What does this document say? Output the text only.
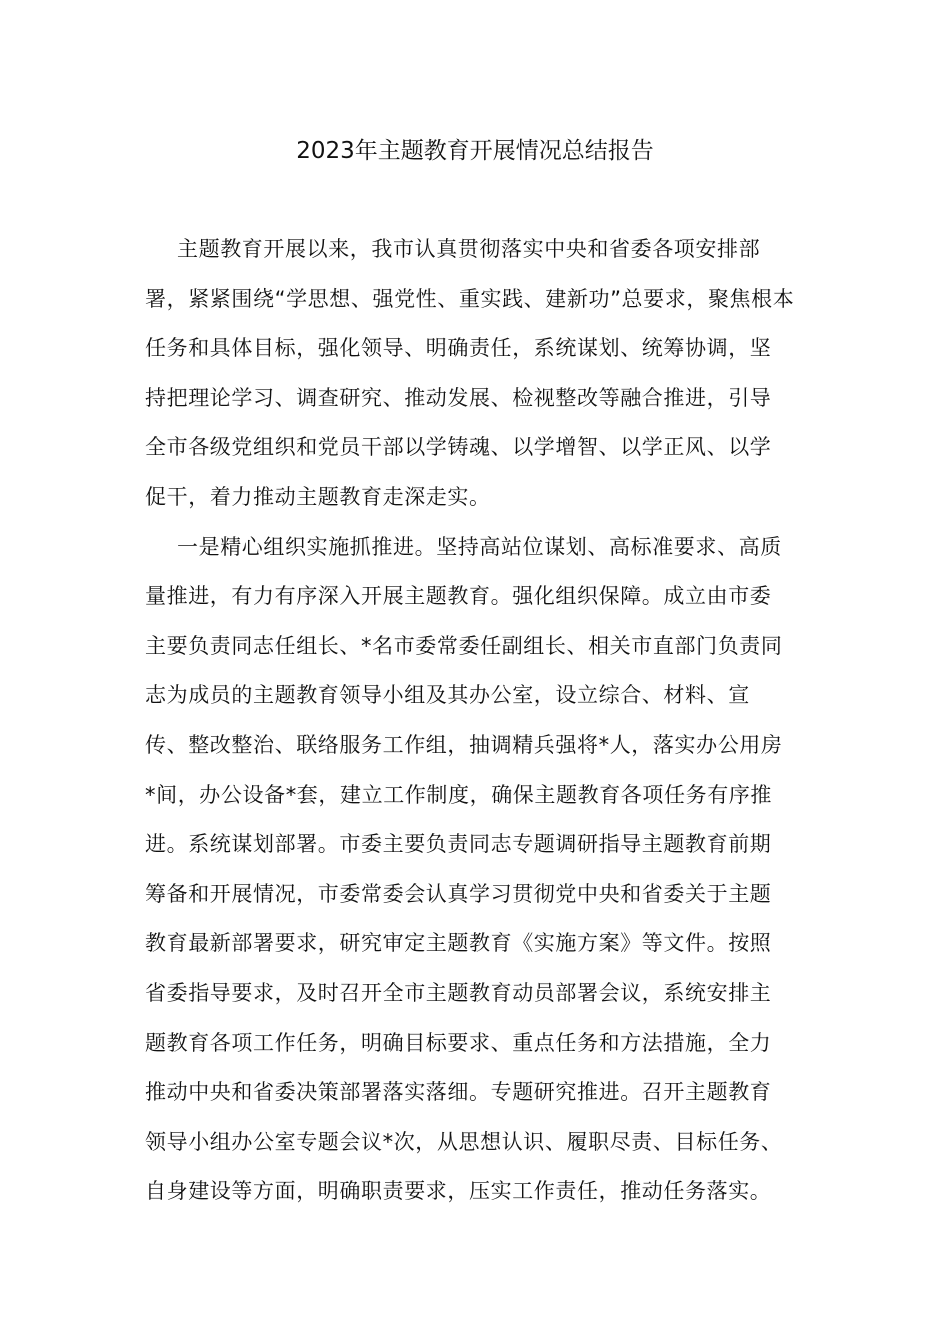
2023年主题教育开展情况总结报告
主题教育开展以来，我市认真贯彻落实中央和省委各项安排部
署，紧紧围绕“学思想、强党性、重实践、建新功”总要求，聚焦根本
任务和具体目标，强化领导、明确责任，系统谋划、统筹协调，坚
持把理论学习、调查研究、推动发展、检视整改等融合推进，引导
全市各级党组织和党员干部以学铸魂、以学增智、以学正风、以学
促干，着力推动主题教育走深走实。
一是精心组织实施抓推进。坚持高站位谋划、高标准要求、高质
量推进，有力有序深入开展主题教育。强化组织保障。成立由市委
主要负责同志任组长、*名市委常委任副组长、相关市直部门负责同
志为成员的主题教育领导小组及其办公室，设立综合、材料、宣
传、整改整治、联络服务工作组，抽调精兵强将*人，落实办公用房
*间，办公设备*套，建立工作制度，确保主题教育各项任务有序推
进。系统谋划部署。市委主要负责同志专题调研指导主题教育前期
筹备和开展情况，市委常委会认真学习贯彻党中央和省委关于主题
教育最新部署要求，研究审定主题教育《实施方案》等文件。按照
省委指导要求，及时召开全市主题教育动员部署会议，系统安排主
题教育各项工作任务，明确目标要求、重点任务和方法措施，全力
推动中央和省委决策部署落实落细。专题研究推进。召开主题教育
领导小组办公室专题会议*次，从思想认识、履职尽责、目标任务、
自身建设等方面，明确职责要求，压实工作责任，推动任务落实。
